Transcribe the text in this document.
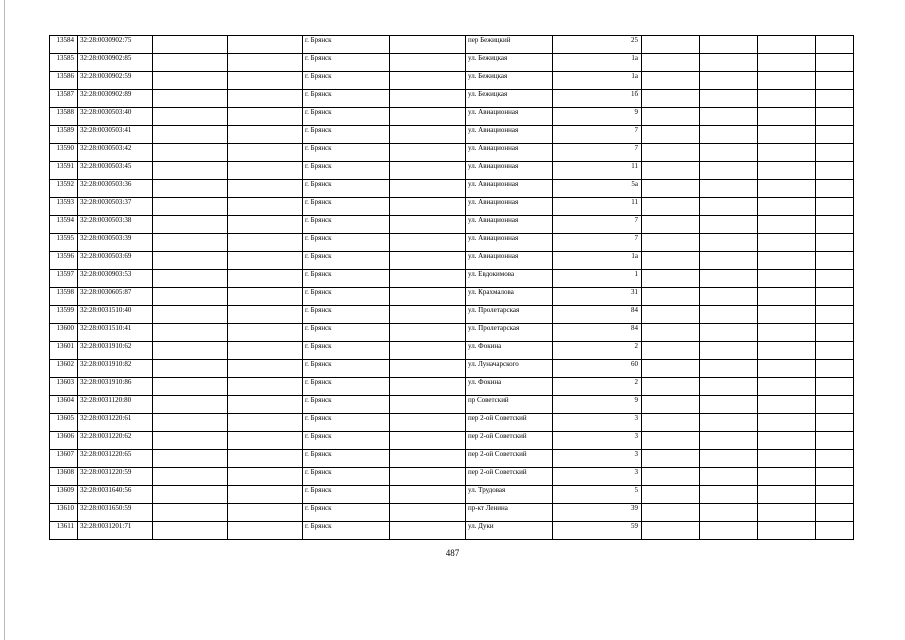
13584	32:28:0030902:75			г. Брянск		пер Бежицкий	25				
13585	32:28:0030902:85			г. Брянск		ул. Бежицкая	1а				
13586	32:28:0030902:59			г. Брянск		ул. Бежицкая	1а				
13587	32:28:0030902:89			г. Брянск		ул. Бежицкая	1б				
13588	32:28:0030503:40			г. Брянск		ул. Авиационная	9				
13589	32:28:0030503:41			г. Брянск		ул. Авиационная	7				
13590	32:28:0030503:42			г. Брянск		ул. Авиационная	7				
13591	32:28:0030503:45			г. Брянск		ул. Авиационная	11				
13592	32:28:0030503:36			г. Брянск		ул. Авиационная	5а				
13593	32:28:0030503:37			г. Брянск		ул. Авиационная	11				
13594	32:28:0030503:38			г. Брянск		ул. Авиационная	7				
13595	32:28:0030503:39			г. Брянск		ул. Авиационная	7				
13596	32:28:0030503:69			г. Брянск		ул. Авиационная	1а				
13597	32:28:0030903:53			г. Брянск		ул. Евдокимова	1				
13598	32:28:0030605:87			г. Брянск		ул. Крахмалова	31				
13599	32:28:0031510:40			г. Брянск		ул. Пролетарская	84				
13600	32:28:0031510:41			г. Брянск		ул. Пролетарская	84				
13601	32:28:0031910:62			г. Брянск		ул. Фокина	2				
13602	32:28:0031910:82			г. Брянск		ул. Луначарского	60				
13603	32:28:0031910:86			г. Брянск		ул. Фокина	2				
13604	32:28:0031120:80			г. Брянск		пр Советский	9				
13605	32:28:0031220:61			г. Брянск		пер 2-ой Советский	3				
13606	32:28:0031220:62			г. Брянск		пер 2-ой Советский	3				
13607	32:28:0031220:65			г. Брянск		пер 2-ой Советский	3				
13608	32:28:0031220:59			г. Брянск		пер 2-ой Советский	3				
13609	32:28:0031640:56			г. Брянск		ул. Трудовая	5				
13610	32:28:0031650:59			г. Брянск		пр-кт Ленина	39				
13611	32:28:0031201:71			г. Брянск		ул. Дуки	59				
487
